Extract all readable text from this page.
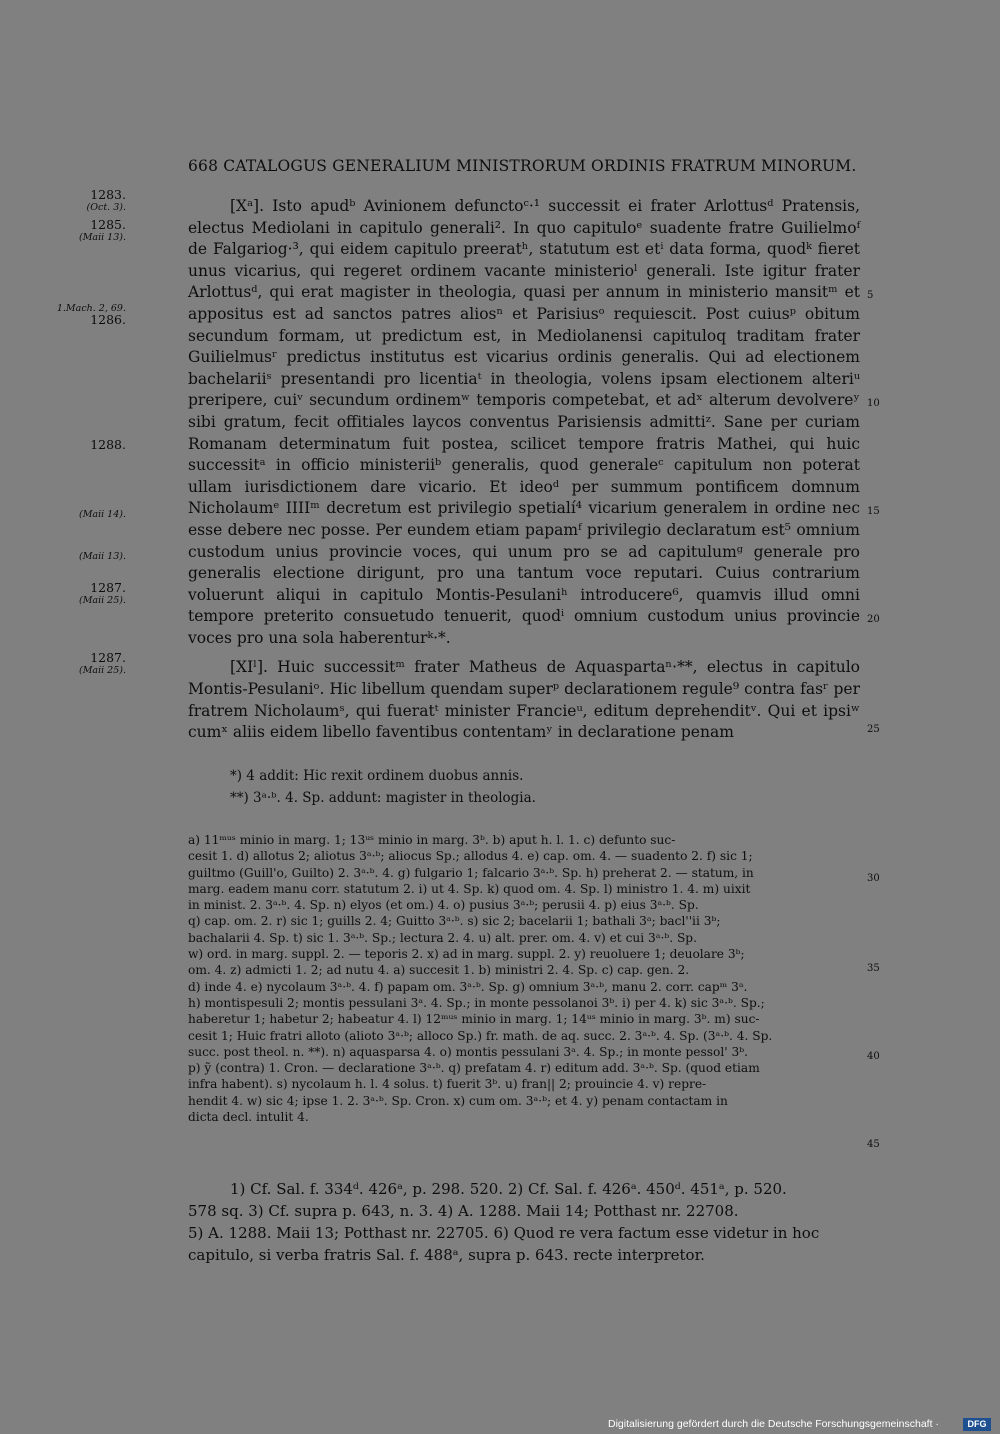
668 CATALOGUS GENERALIUM MINISTRORUM ORDINIS FRATRUM MINORUM.
1283.
(Oct. 3).
1285.
(Maii 13).
1.Mach. 2, 69.
1286.
1288.
(Maii 14).
(Maii 13).
1287.
(Maii 25).
1287.
(Maii 25).
5
10
15
20
25
30
35
40
45

[Xᵃ]. Isto apudᵇ Avinionem defunctoᶜ·¹ successit ei frater Arlottusᵈ Pratensis, electus Mediolani in capitulo generali². In quo capituloᵉ suadente fratre Guilielmoᶠ de Falgariog·³, qui eidem capitulo preeratʰ, statutum est etⁱ data forma, quodᵏ fieret unus vicarius, qui regeret ordinem vacante ministerioˡ generali. Iste igitur frater Arlottusᵈ, qui erat magister in theologia, quasi per annum in ministerio mansitᵐ et appositus est ad sanctos patres aliosⁿ et Parisiusᵒ requiescit. Post cuiusᵖ obitum secundum formam, ut predictum est, in Mediolanensi capituloq traditam frater Guilielmusʳ predictus institutus est vicarius ordinis generalis. Qui ad electionem bachelariiˢ presentandi pro licentiaᵗ in theologia, volens ipsam electionem alteriᵘ preripere, cuiᵛ secundum ordinemʷ temporis competebat, et adˣ alterum devolvereʸ sibi gratum, fecit offitiales laycos conventus Parisiensis admittiᶻ. Sane per curiam Romanam determinatum fuit postea, scilicet tempore fratris Mathei, qui huic successitᵃ in officio ministeriiᵇ generalis, quod generaleᶜ capitulum non poterat ullam iurisdictionem dare vicario. Et ideoᵈ per summum pontificem domnum Nicholaumᵉ IIIIᵐ decretum est privilegio spetialí⁴ vicarium generalem in ordine nec esse debere nec posse. Per eundem etiam papamᶠ privilegio declaratum est⁵ omnium custodum unius provincie voces, qui unum pro se ad capitulumᵍ generale pro generalis electione dirigunt, pro una tantum voce reputari. Cuius contrarium voluerunt aliqui in capitulo Montis-Pesulaniʰ introducere⁶, quamvis illud omni tempore preterito consuetudo tenuerit, quodⁱ omnium custodum unius provincie voces pro una sola haberenturᵏ·*.

[XIˡ]. Huic successitᵐ frater Matheus de Aquaspartaⁿ·**, electus in capitulo Montis-Pesulaniᵒ. Hic libellum quendam superᵖ declarationem regule⁹ contra fasʳ per fratrem Nicholaumˢ, qui fueratᵗ minister Francieᵘ, editum deprehenditᵛ. Qui et ipsiʷ cumˣ aliis eidem libello faventibus contentamʸ in declaratione penam

*) 4 addit: Hic rexit ordinem duobus annis.
**) 3ᵃ·ᵇ. 4. Sp. addunt: magister in theologia.
a) 11ᵐᵘˢ minio in marg. 1; 13ᵘˢ minio in marg. 3ᵇ. b) aput h. l. 1. c) defunto suc-
cesit 1. d) allotus 2; aliotus 3ᵃ·ᵇ; aliocus Sp.; allodus 4. e) cap. om. 4. — suadento 2. f) sic 1;
guiltmo (Guill'o, Guilto) 2. 3ᵃ·ᵇ. 4. g) fulgario 1; falcario 3ᵃ·ᵇ. Sp. h) preherat 2. — statum, in
marg. eadem manu corr. statutum 2. i) ut 4. Sp. k) quod om. 4. Sp. l) ministro 1. 4. m) uixit
in minist. 2. 3ᵃ·ᵇ. 4. Sp. n) elyos (et om.) 4. o) pusius 3ᵃ·ᵇ; perusii 4. p) eius 3ᵃ·ᵇ. Sp.
q) cap. om. 2. r) sic 1; guills 2. 4; Guitto 3ᵃ·ᵇ. s) sic 2; bacelarii 1; bathali 3ᵃ; bacl''ii 3ᵇ;
bachalarii 4. Sp. t) sic 1. 3ᵃ·ᵇ. Sp.; lectura 2. 4. u) alt. prer. om. 4. v) et cui 3ᵃ·ᵇ. Sp.
w) ord. in marg. suppl. 2. — teporis 2. x) ad in marg. suppl. 2. y) reuoluere 1; deuolare 3ᵇ;
om. 4. z) admicti 1. 2; ad nutu 4. a) succesit 1. b) ministri 2. 4. Sp. c) cap. gen. 2.
d) inde 4. e) nycolaum 3ᵃ·ᵇ. 4. f) papam om. 3ᵃ·ᵇ. Sp. g) omnium 3ᵃ·ᵇ, manu 2. corr. capᵐ 3ᵃ.
h) montispesuli 2; montis pessulani 3ᵃ. 4. Sp.; in monte pessolanoi 3ᵇ. i) per 4. k) sic 3ᵃ·ᵇ. Sp.;
haberetur 1; habetur 2; habeatur 4. l) 12ᵐᵘˢ minio in marg. 1; 14ᵘˢ minio in marg. 3ᵇ. m) suc-
cesit 1; Huic fratri alloto (alioto 3ᵃ·ᵇ; alloco Sp.) fr. math. de aq. succ. 2. 3ᵃ·ᵇ. 4. Sp. (3ᵃ·ᵇ. 4. Sp.
succ. post theol. n. **). n) aquasparsa 4. o) montis pessulani 3ᵃ. 4. Sp.; in monte pessol' 3ᵇ.
p) ỹ (contra) 1. Cron. — declaratione 3ᵃ·ᵇ. q) prefatam 4. r) editum add. 3ᵃ·ᵇ. Sp. (quod etiam
infra habent). s) nycolaum h. l. 4 solus. t) fuerit 3ᵇ. u) fran|| 2; prouincie 4. v) repre-
hendit 4. w) sic 4; ipse 1. 2. 3ᵃ·ᵇ. Sp. Cron. x) cum om. 3ᵃ·ᵇ; et 4. y) penam contactam in
dicta decl. intulit 4.
1) Cf. Sal. f. 334ᵈ. 426ᵃ, p. 298. 520. 2) Cf. Sal. f. 426ᵃ. 450ᵈ. 451ᵃ, p. 520.
578 sq. 3) Cf. supra p. 643, n. 3. 4) A. 1288. Maii 14; Potthast nr. 22708.
5) A. 1288. Maii 13; Potthast nr. 22705. 6) Quod re vera factum esse videtur in hoc
capitulo, si verba fratris Sal. f. 488ᵃ, supra p. 643. recte interpretor.
Digitalisierung gefördert durch die Deutsche Forschungsgemeinschaft ·	DFG
